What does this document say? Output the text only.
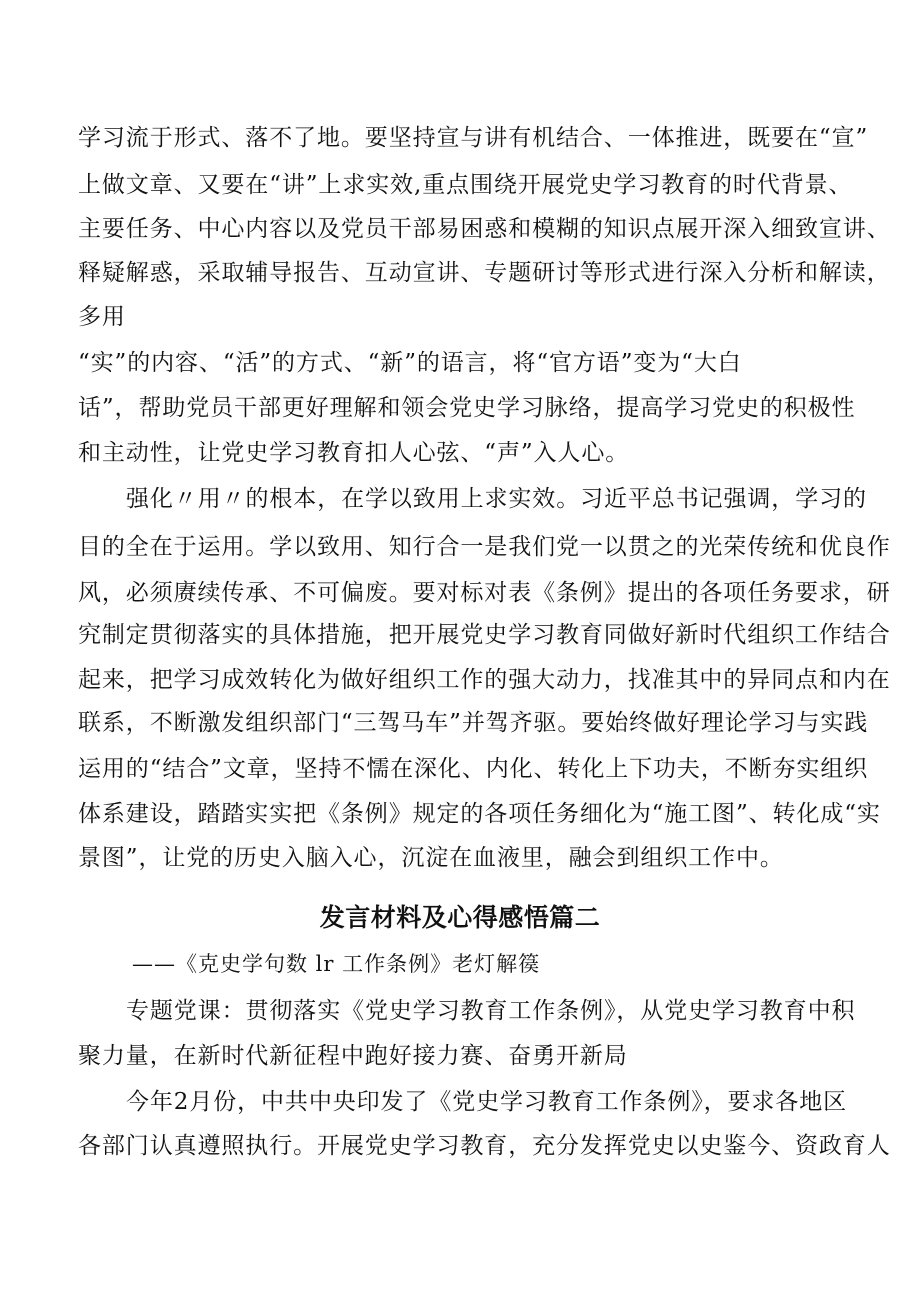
学习流于形式、落不了地。要坚持宣与讲有机结合、一体推进，既要在“宣”
上做文章、又要在“讲”上求实效,重点围绕开展党史学习教育的时代背景、
主要任务、中心内容以及党员干部易困惑和模糊的知识点展开深入细致宣讲、
释疑解惑，采取辅导报告、互动宣讲、专题研讨等形式进行深入分析和解读，
多用
“实”的内容、“活”的方式、“新”的语言，将“官方语”变为“大白
话”，帮助党员干部更好理解和领会党史学习脉络，提高学习党史的积极性
和主动性，让党史学习教育扣人心弦、“声”入人心。
强化〃用〃的根本，在学以致用上求实效。习近平总书记强调，学习的
目的全在于运用。学以致用、知行合一是我们党一以贯之的光荣传统和优良作
风，必须赓续传承、不可偏废。要对标对表《条例》提出的各项任务要求，研
究制定贯彻落实的具体措施，把开展党史学习教育同做好新时代组织工作结合
起来，把学习成效转化为做好组织工作的强大动力，找准其中的异同点和内在
联系，不断激发组织部门“三驾马车”并驾齐驱。要始终做好理论学习与实践
运用的“结合”文章，坚持不懦在深化、内化、转化上下功夫，不断夯实组织
体系建设，踏踏实实把《条例》规定的各项任务细化为“施工图”、转化成“实
景图”，让党的历史入脑入心，沉淀在血液里，融会到组织工作中。
发言材料及心得感悟篇二
——《克史学句数 lr 工作条例》老灯解篌
专题党课：贯彻落实《党史学习教育工作条例》，从党史学习教育中积
聚力量，在新时代新征程中跑好接力赛、奋勇开新局
今年2月份，中共中央印发了《党史学习教育工作条例》，要求各地区
各部门认真遵照执行。开展党史学习教育，充分发挥党史以史鉴今、资政育人
